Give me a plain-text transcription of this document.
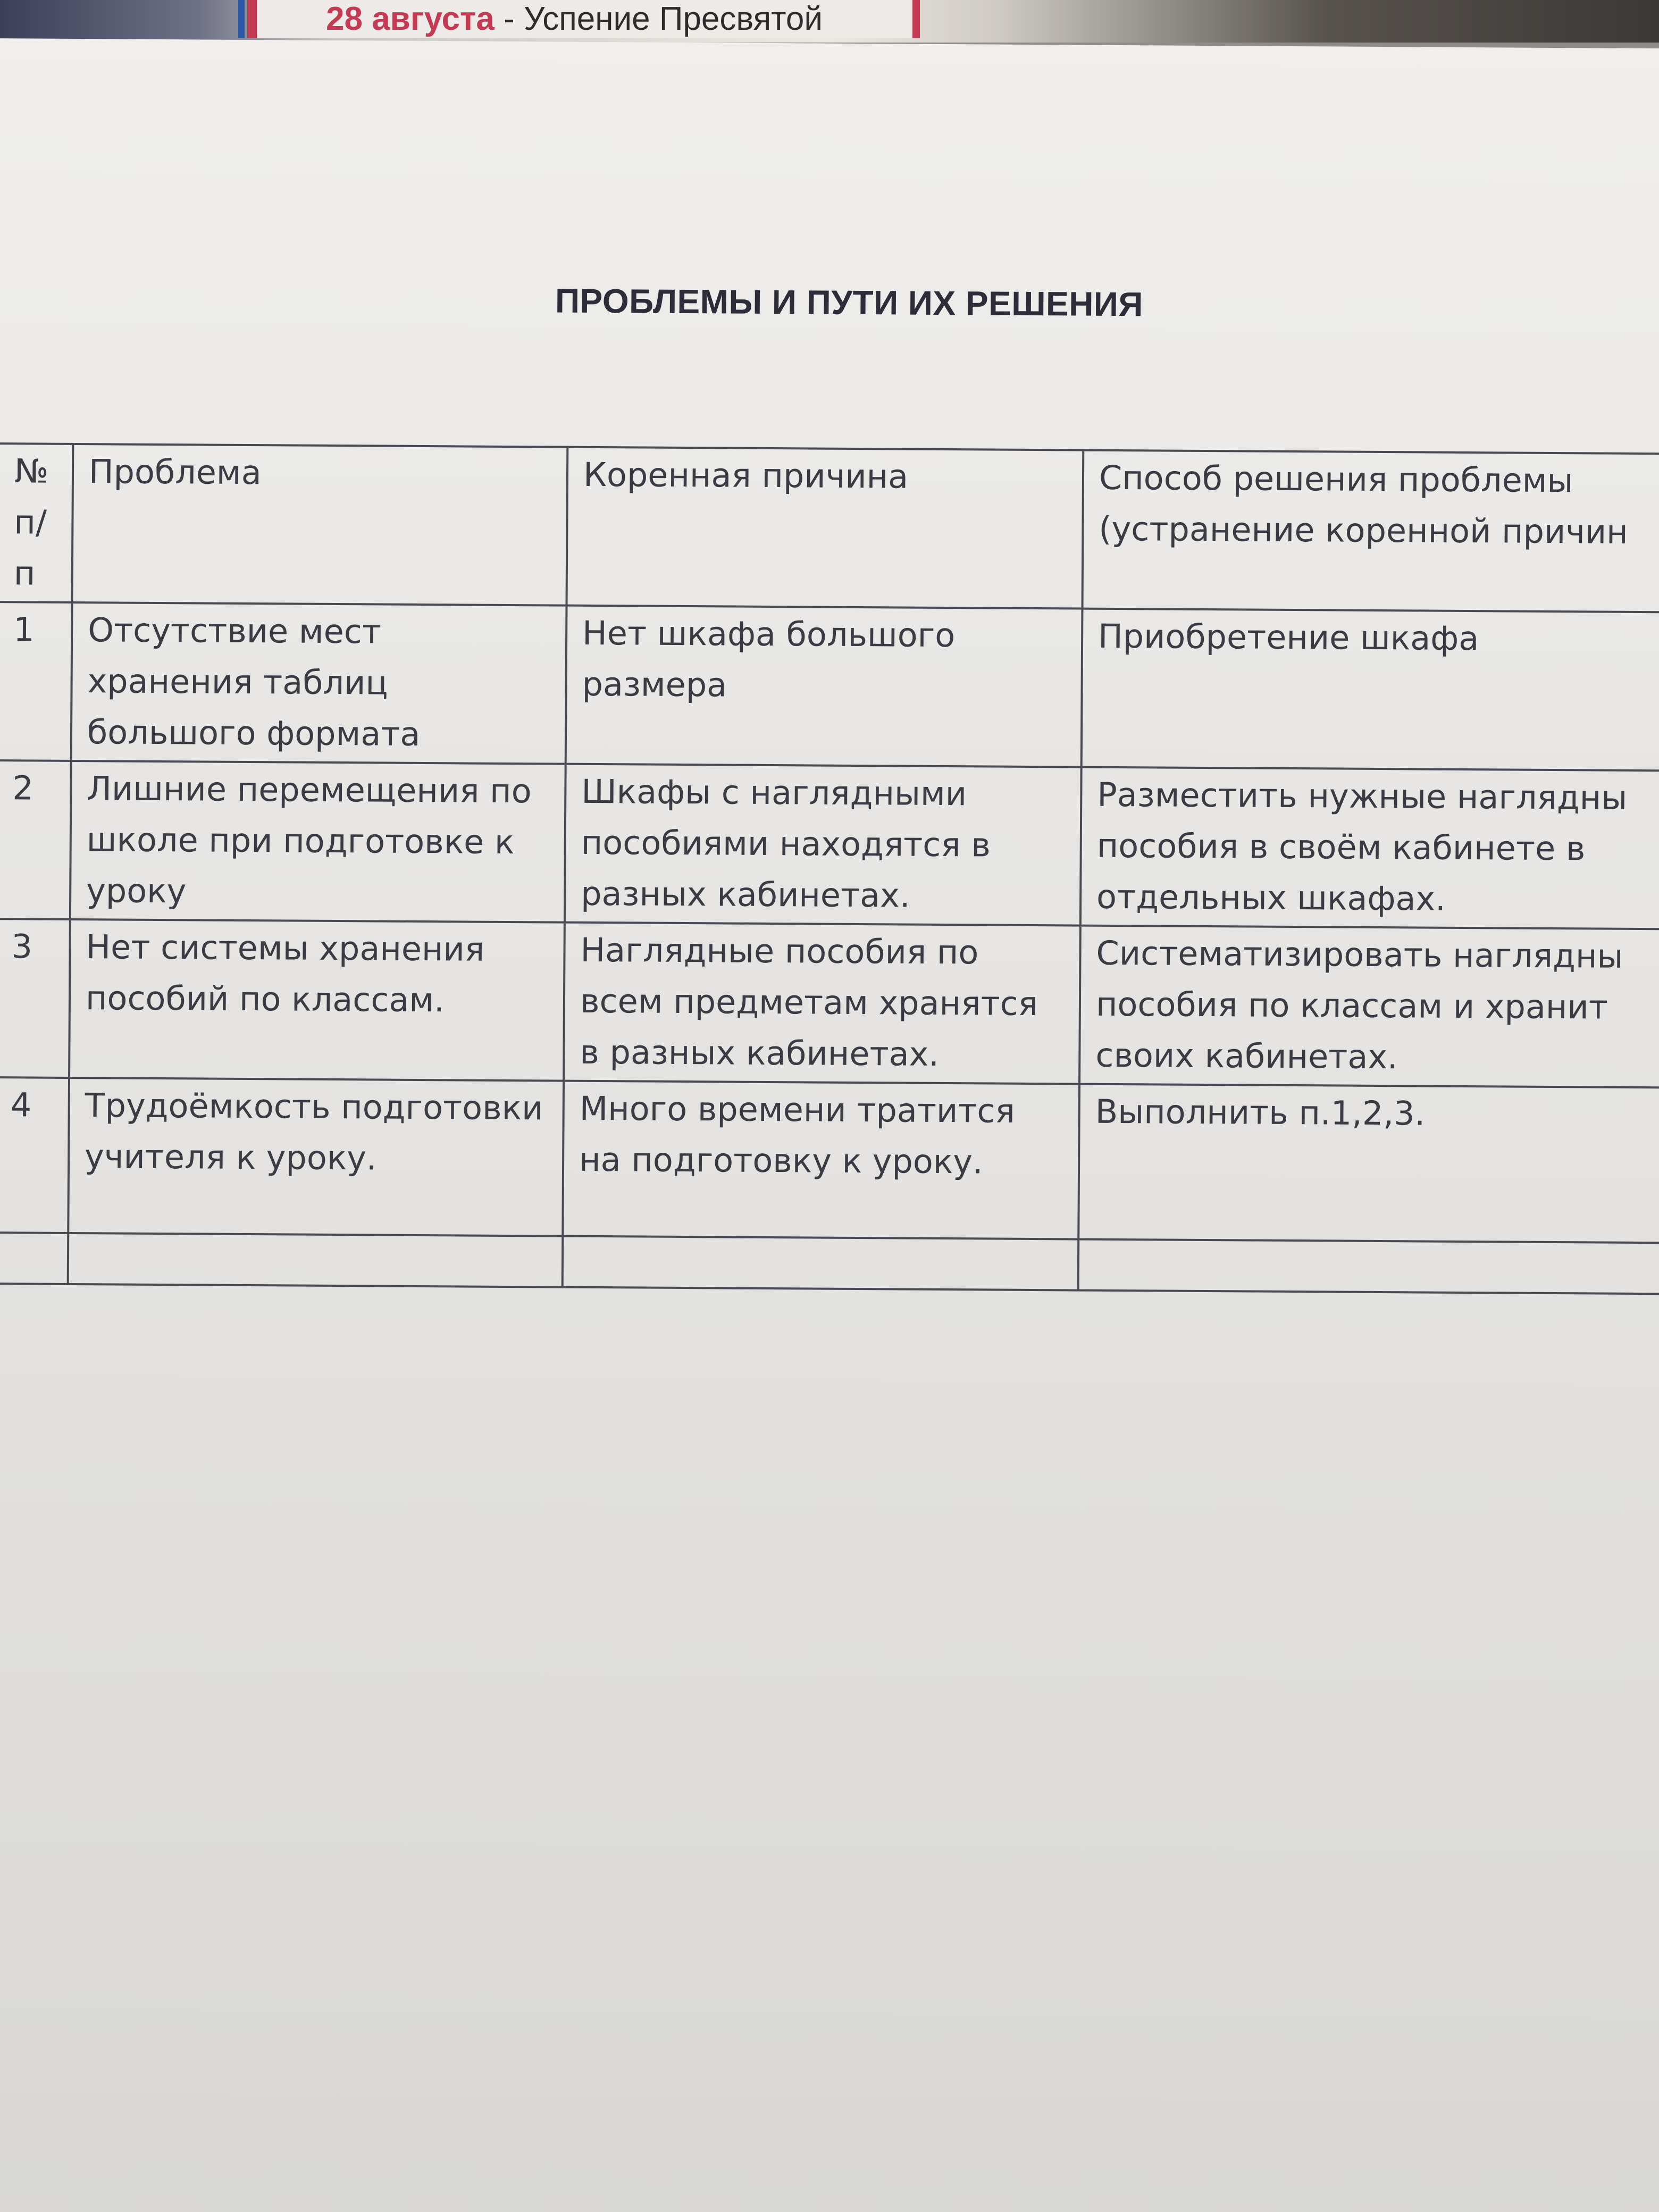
28 августа - Успение Пресвятой
ПРОБЛЕМЫ И ПУТИ ИХ РЕШЕНИЯ
№ п/п	Проблема	Коренная причина	Способ решения проблемы (устранение коренной причин
1	Отсутствие мест хранения таблиц большого формата	Нет шкафа большого размера	Приобретение шкафа
2	Лишние перемещения по школе при подготовке к уроку	Шкафы с наглядными пособиями находятся в разных кабинетах.	Разместить нужные наглядны пособия в своём кабинете в отдельных шкафах.
3	Нет системы хранения пособий по классам.	Наглядные пособия по всем предметам хранятся в разных кабинетах.	Систематизировать наглядны пособия по классам и хранит своих кабинетах.
4	Трудоёмкость подготовки учителя к уроку.	Много времени тратится на подготовку к уроку.	Выполнить п.1,2,3.
